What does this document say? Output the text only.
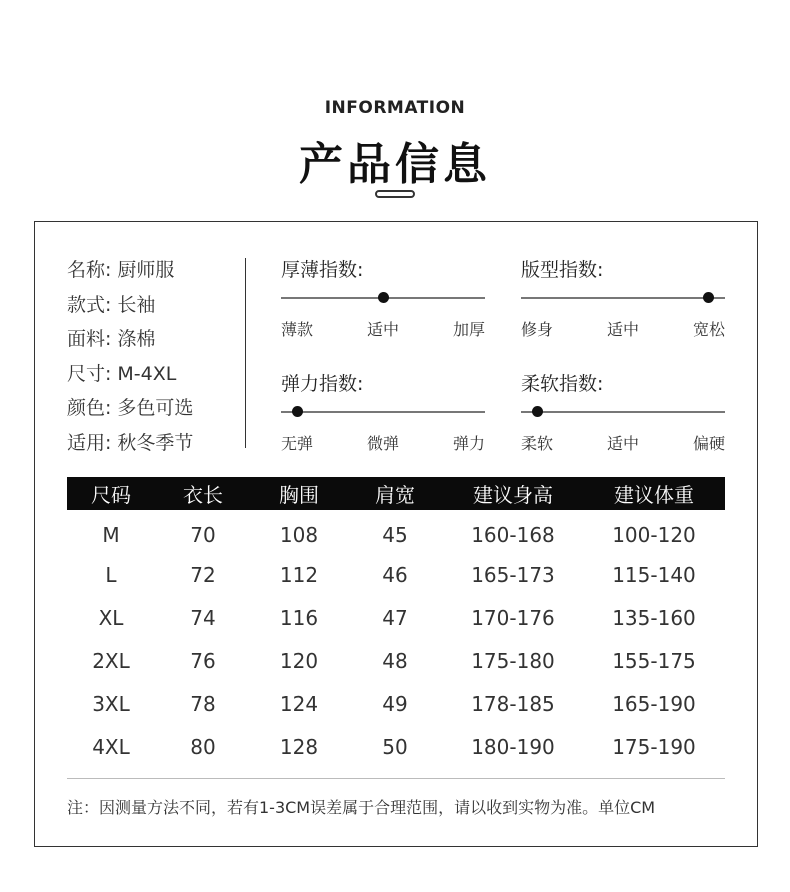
INFORMATION
产品信息
名称: 厨师服
款式: 长袖
面料: 涤棉
尺寸: M-4XL
颜色: 多色可选
适用: 秋冬季节
厚薄指数:
薄款	适中	加厚
版型指数:
修身	适中	宽松
弹力指数:
无弹	微弹	弹力
柔软指数:
柔软	适中	偏硬
尺码	衣长	胸围	肩宽	建议身高	建议体重
M	70	108	45	160-168	100-120
L	72	112	46	165-173	115-140
XL	74	116	47	170-176	135-160
2XL	76	120	48	175-180	155-175
3XL	78	124	49	178-185	165-190
4XL	80	128	50	180-190	175-190
注：因测量方法不同，若有1-3CM误差属于合理范围，请以收到实物为准。单位CM
